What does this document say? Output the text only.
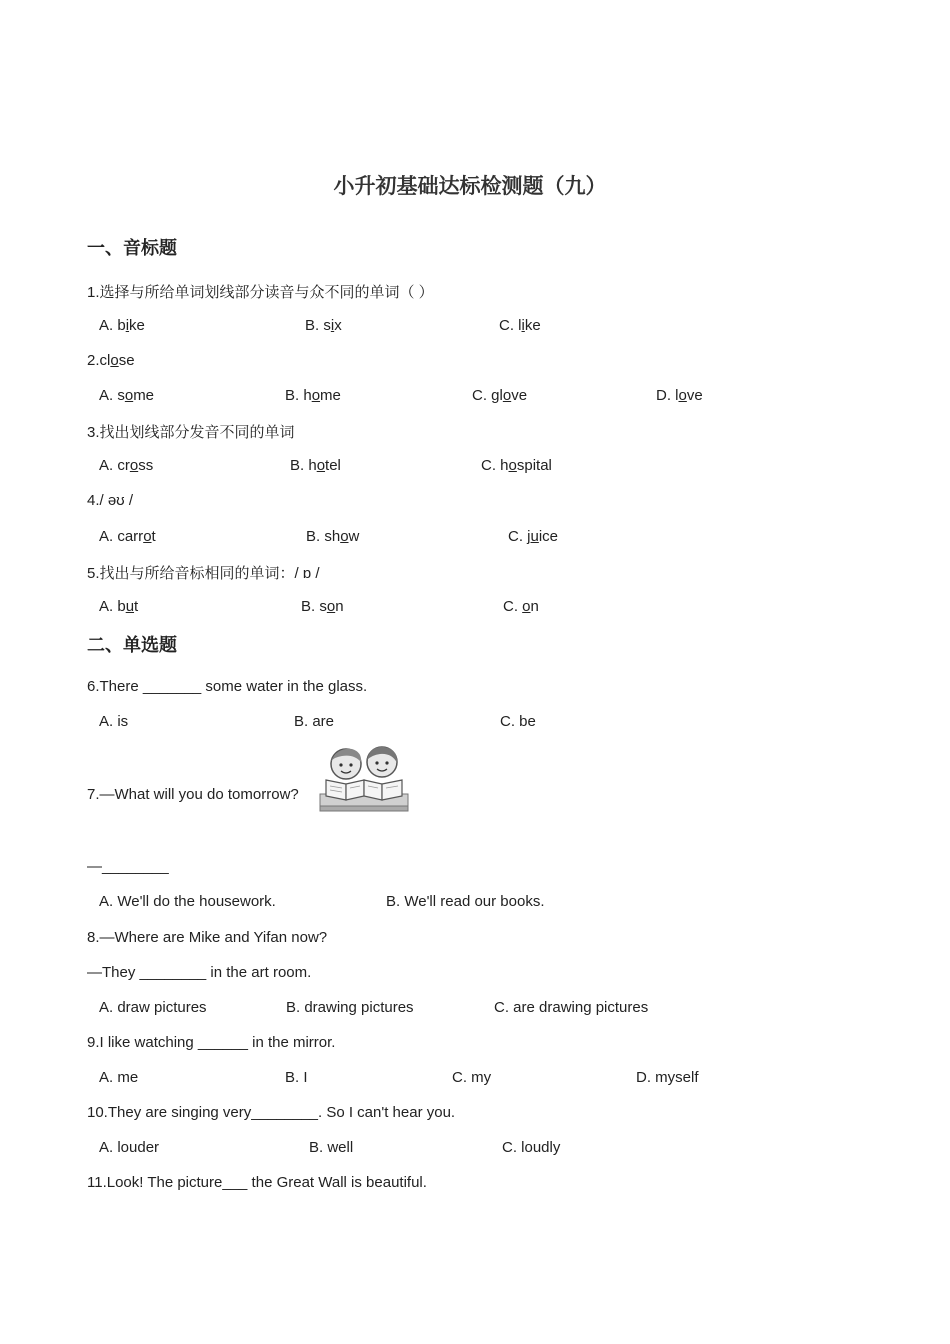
小升初基础达标检测题（九）
一、音标题
1.选择与所给单词划线部分读音与众不同的单词（ ）
A. bike	B. six	C. like
2.close
A. some	B. home	C. glove	D. love
3.找出划线部分发音不同的单词
A. cross	B. hotel	C. hospital
4./ əʊ /
A. carrot	B. show	C. juice
5.找出与所给音标相同的单词：/ ɒ /
A. but	B. son	C. on
二、单选题
6.There _______ some water in the glass.
A. is	B. are	C. be
7.—What will you do tomorrow?
—________
A. We'll do the housework.	B. We'll read our books.
8.—Where are Mike and Yifan now?
—They ________ in the art room.
A. draw pictures	B. drawing pictures	C. are drawing pictures
9.I like watching ______ in the mirror.
A. me	B. I	C. my	D. myself
10.They are singing very________. So I can't hear you.
A. louder	B. well	C. loudly
11.Look! The picture___ the Great Wall is beautiful.
